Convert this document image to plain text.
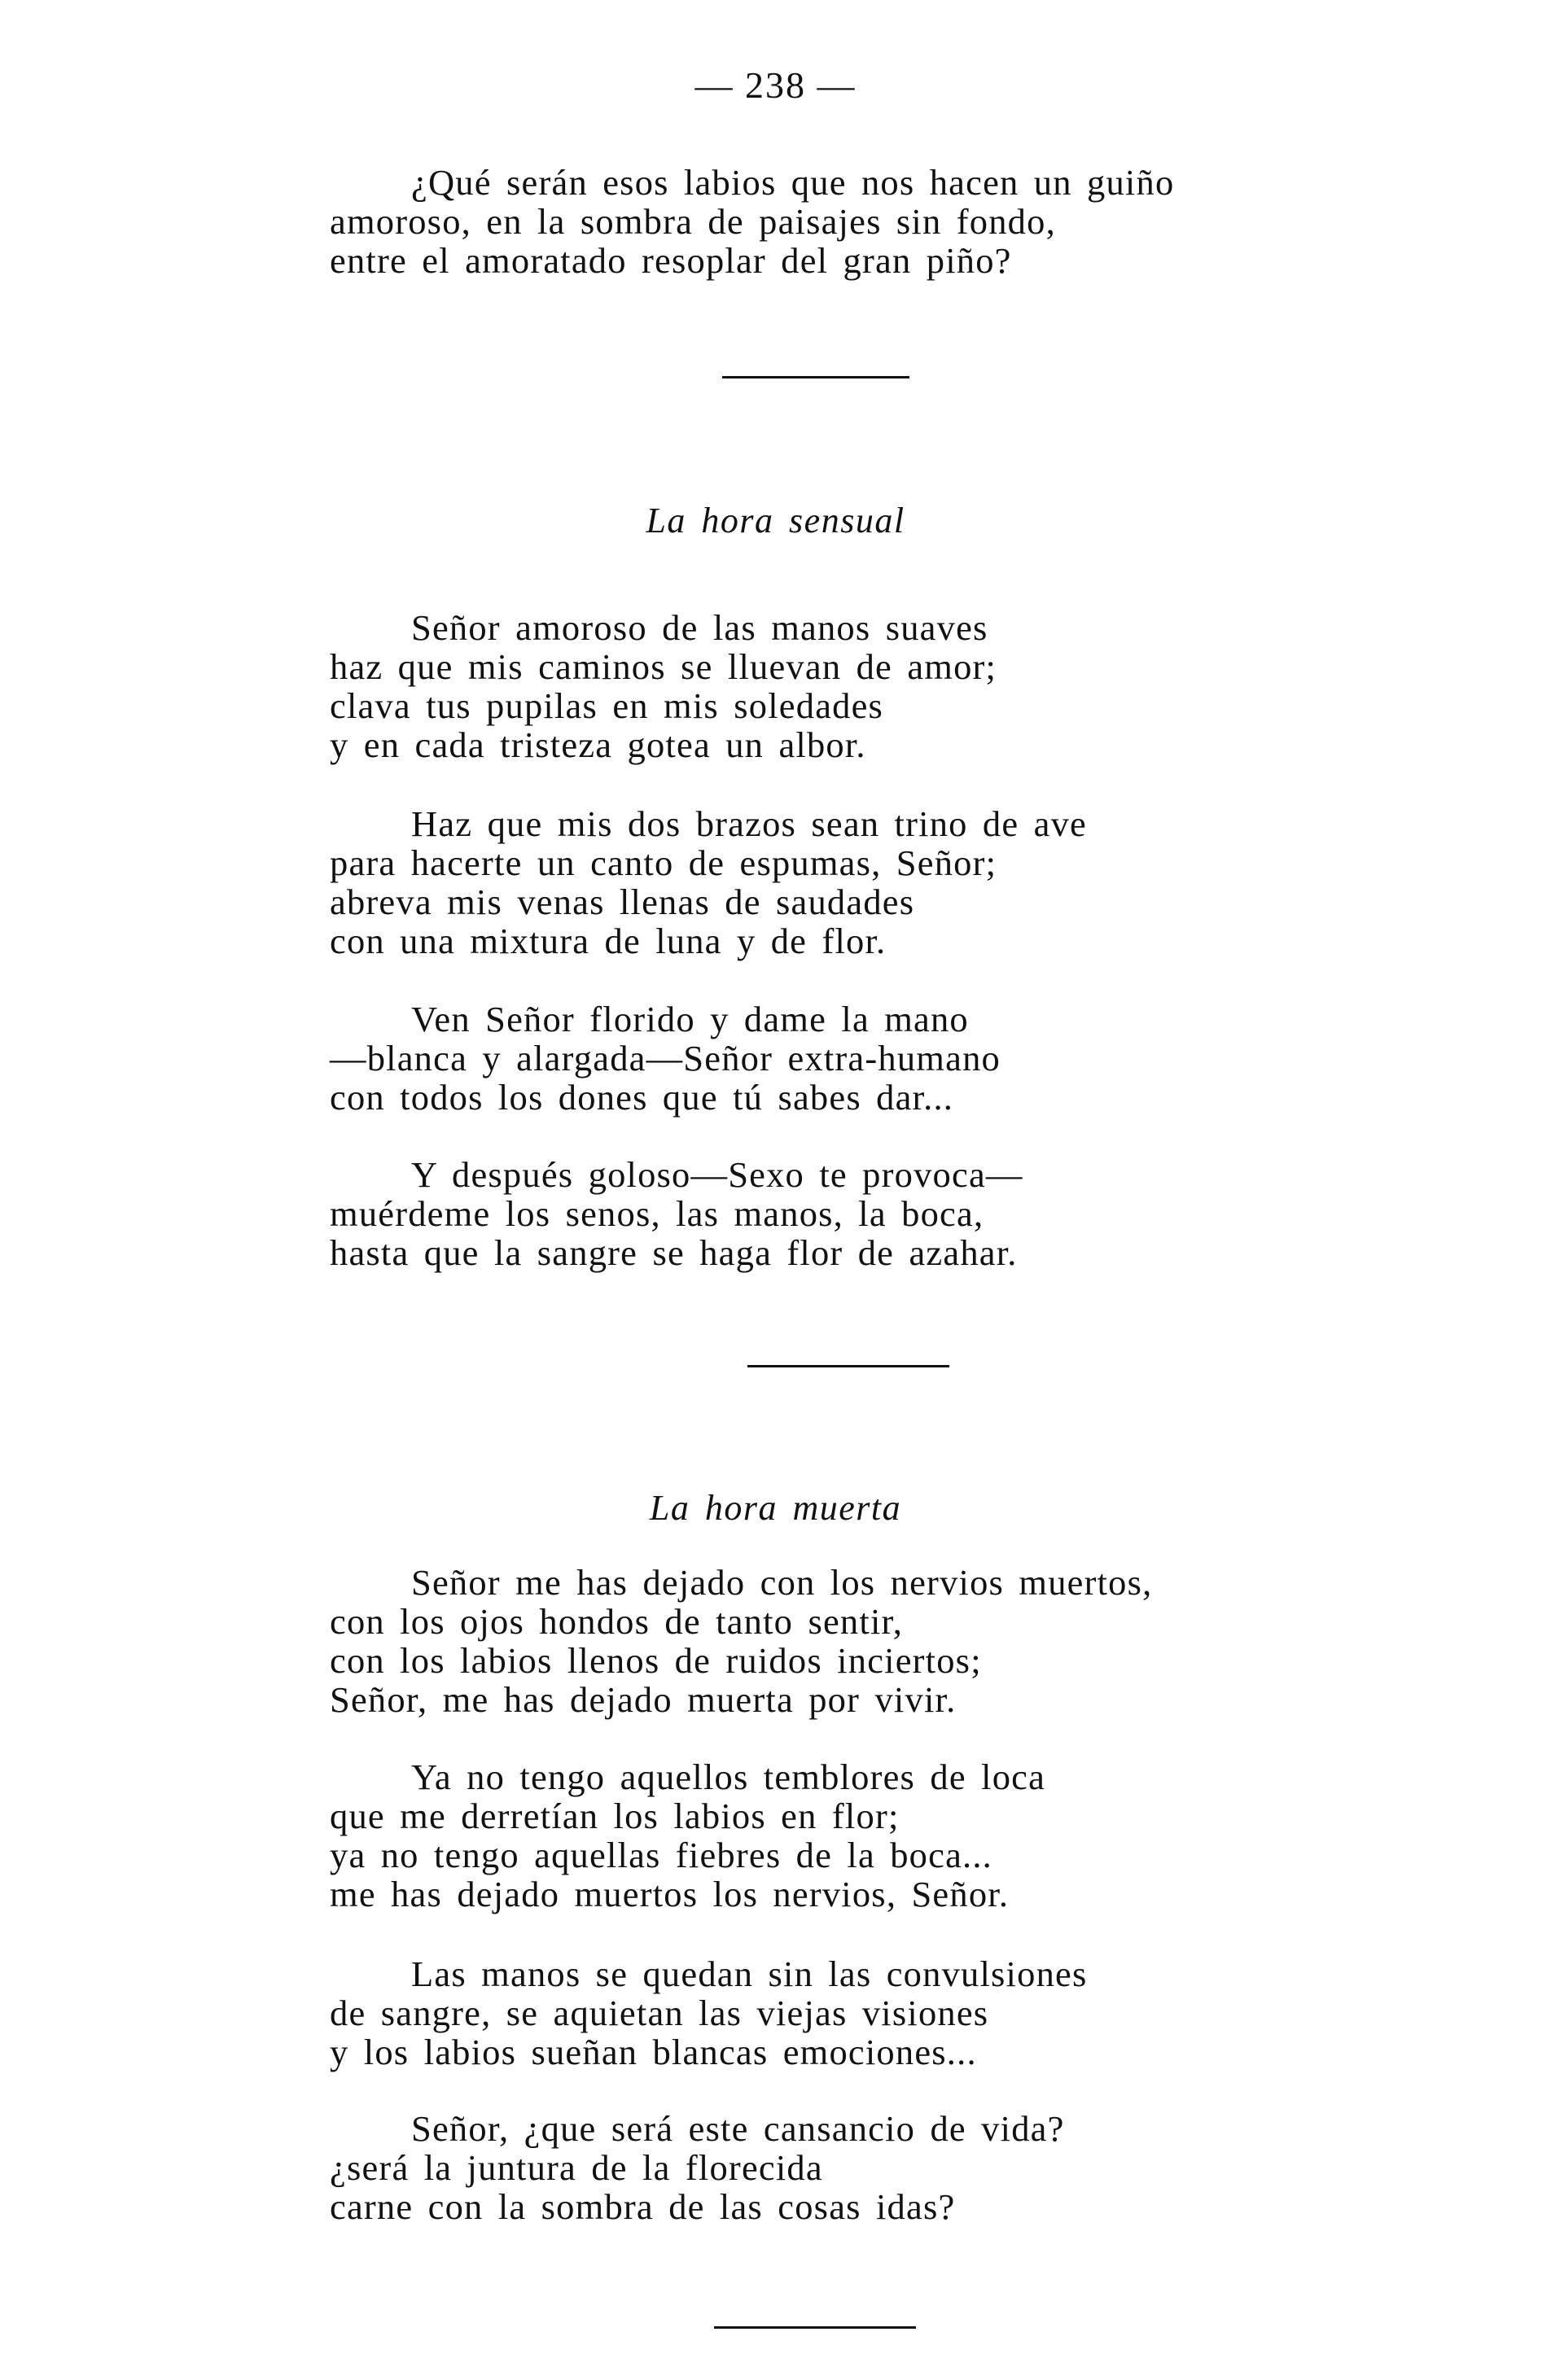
— 238 —
¿Qué serán esos labios que nos hacen un guiño
amoroso, en la sombra de paisajes sin fondo,
entre el amoratado resoplar del gran piño?
La hora sensual
Señor amoroso de las manos suaves
haz que mis caminos se lluevan de amor;
clava tus pupilas en mis soledades
y en cada tristeza gotea un albor.
Haz que mis dos brazos sean trino de ave
para hacerte un canto de espumas, Señor;
abreva mis venas llenas de saudades
con una mixtura de luna y de flor.
Ven Señor florido y dame la mano
—blanca y alargada—Señor extra-humano
con todos los dones que tú sabes dar...
Y después goloso—Sexo te provoca—
muérdeme los senos, las manos, la boca,
hasta que la sangre se haga flor de azahar.
La hora muerta
Señor me has dejado con los nervios muertos,
con los ojos hondos de tanto sentir,
con los labios llenos de ruidos inciertos;
Señor, me has dejado muerta por vivir.
Ya no tengo aquellos temblores de loca
que me derretían los labios en flor;
ya no tengo aquellas fiebres de la boca...
me has dejado muertos los nervios, Señor.
Las manos se quedan sin las convulsiones
de sangre, se aquietan las viejas visiones
y los labios sueñan blancas emociones...
Señor, ¿que será este cansancio de vida?
¿será la juntura de la florecida
carne con la sombra de las cosas idas?
